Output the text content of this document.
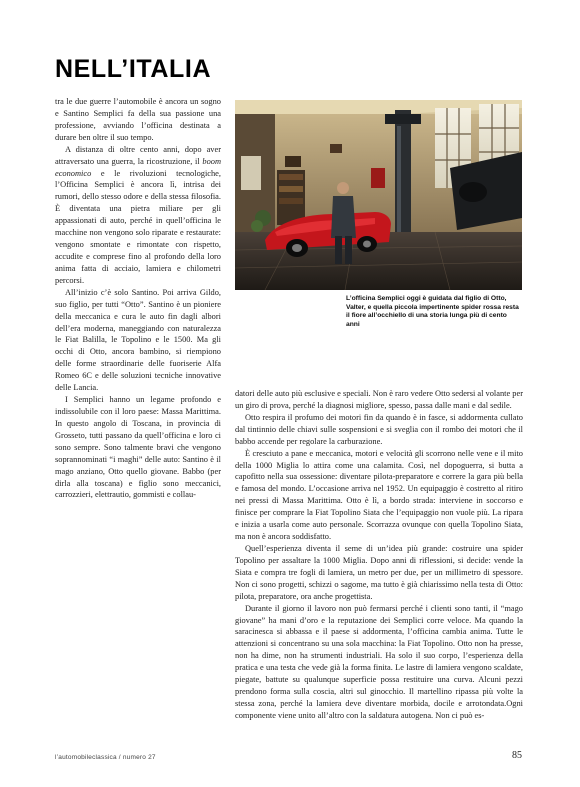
NELL’ITALIA

tra le due guerre l’automobile è ancora un sogno e Santino Semplici fa della sua passione una professione, avviando l’officina destinata a durare ben oltre il suo tempo.

A distanza di oltre cento anni, dopo aver attraversato una guerra, la ricostruzione, il boom economico e le rivoluzioni tecnologiche, l’Officina Semplici è ancora lì, intrisa dei rumori, dello stesso odore e della stessa filosofia. È diventata una pietra miliare per gli appassionati di auto, perché in quell’officina le macchine non vengono solo riparate e restaurate: vengono smontate e rimontate con rispetto, accudite e comprese fino al profondo della loro anima fatta di acciaio, lamiera e chilometri percorsi.

All’inizio c’è solo Santino. Poi arriva Gildo, suo figlio, per tutti “Otto”. Santino è un pioniere della meccanica e cura le auto fin dagli albori dell’era moderna, maneggiando con naturalezza le Fiat Balilla, le Topolino e le 1500. Ma gli occhi di Otto, ancora bambino, si riempiono delle forme straordinarie delle fuoriserie Alfa Romeo 6C e delle soluzioni tecniche innovative delle Lancia.

I Semplici hanno un legame profondo e indissolubile con il loro paese: Massa Marittima. In questo angolo di Toscana, in provincia di Grosseto, tutti passano da quell’officina e loro ci sono sempre. Sono talmente bravi che vengono soprannominati “i maghi” delle auto: Santino è il mago anziano, Otto quello giovane. Babbo (per dirla alla toscana) e figlio sono meccanici, carrozzieri, elettrautio, gommisti e collau-

L’officina Semplici oggi è guidata dal figlio di Otto, Valter, e quella piccola impertinente spider rossa resta il fiore all’occhiello di una storia lunga più di cento anni

datori delle auto più esclusive e speciali. Non è raro vedere Otto sedersi al volante per un giro di prova, perché la diagnosi migliore, spesso, passa dalle mani e dal sedile.

Otto respira il profumo dei motori fin da quando è in fasce, si addormenta cullato dal tintinnio delle chiavi sulle sospensioni e si sveglia con il rombo dei motori che il babbo accende per regolare la carburazione.

È cresciuto a pane e meccanica, motori e velocità gli scorrono nelle vene e il mito della 1000 Miglia lo attira come una calamita. Così, nel dopoguerra, si butta a capofitto nella sua ossessione: diventare pilota-preparatore e correre la gara più bella e famosa del mondo. L’occasione arriva nel 1952. Un equipaggio è costretto al ritiro nei pressi di Massa Marittima. Otto è lì, a bordo strada: interviene in soccorso e finisce per comprare la Fiat Topolino Siata che l’equipaggio non vuole più. La ripara e inizia a usarla come auto personale. Scorrazza ovunque con quella Topolino Siata, ma non è ancora soddisfatto.

Quell’esperienza diventa il seme di un’idea più grande: costruire una spider Topolino per assaltare la 1000 Miglia. Dopo anni di riflessioni, si decide: vende la Siata e compra tre fogli di lamiera, un metro per due, per un millimetro di spessore. Non ci sono progetti, schizzi o sagome, ma tutto è già chiarissimo nella testa di Otto: pilota, preparatore, ora anche progettista.

Durante il giorno il lavoro non può fermarsi perché i clienti sono tanti, il “mago giovane” ha mani d’oro e la reputazione dei Semplici corre veloce. Ma quando la saracinesca si abbassa e il paese si addormenta, l’officina cambia anima. Tutte le attenzioni si concentrano su una sola macchina: la Fiat Topolino. Otto non ha presse, non ha dime, non ha strumenti industriali. Ha solo il suo corpo, l’esperienza della pratica e una testa che vede già la forma finita. Le lastre di lamiera vengono scaldate, piegate, battute su qualunque superficie possa restituire una curva. Alcuni pezzi prendono forma sulla coscia, altri sul ginocchio. Il martellino ripassa più volte la stessa zona, perché la lamiera deve diventare morbida, docile e arrotondata.Ogni componente viene unito all’altro con la saldatura autogena. Non ci può es-

l’automobileclassica / numero 27	85
